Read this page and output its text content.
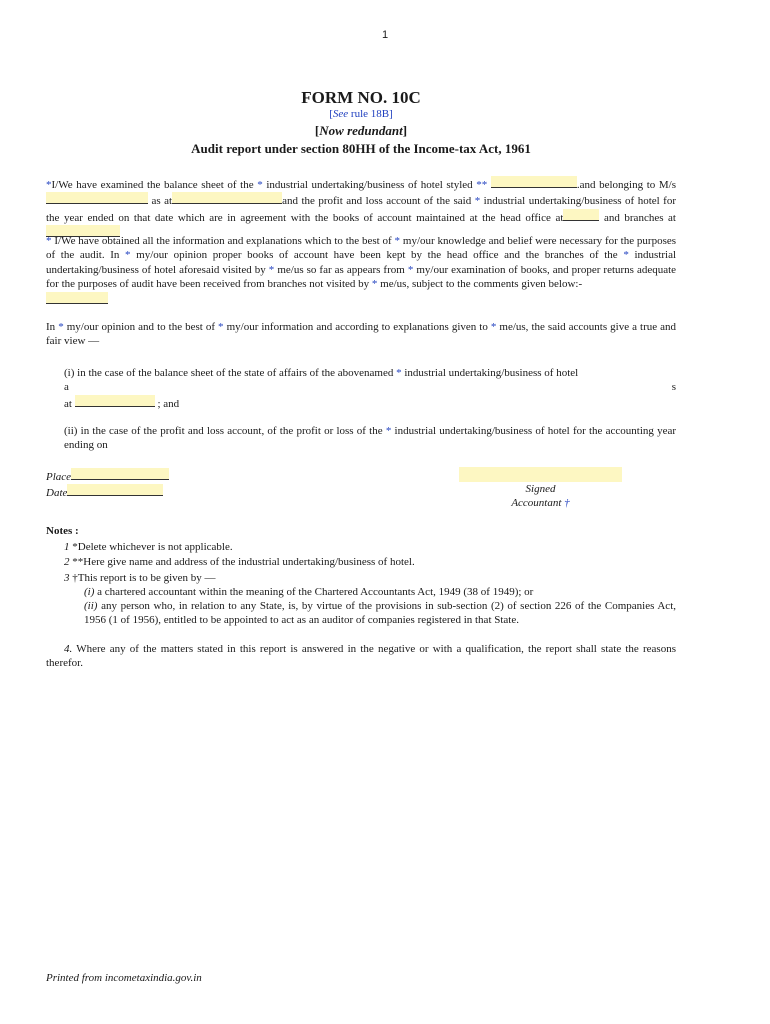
1
FORM NO. 10C
[See rule 18B]
[Now redundant]
Audit report under section 80HH of the Income-tax Act, 1961
*I/We have examined the balance sheet of the * industrial undertaking/business of hotel styled **	.and belonging to M/s as at	and the profit and loss account of the said * industrial undertaking/business of hotel for the year ended on that date which are in agreement with the books of account maintained at the head office at	and branches at
* I/We have obtained all the information and explanations which to the best of * my/our knowledge and belief were necessary for the purposes of the audit. In * my/our opinion proper books of account have been kept by the head office and the branches of the * industrial undertaking/business of hotel aforesaid visited by * me/us so far as appears from * my/our examination of books, and proper returns adequate for the purposes of audit have been received from branches not visited by * me/us, subject to the comments given below:-

In * my/our opinion and to the best of * my/our information and according to explanations given to * me/us, the said accounts give a true and fair view —
(i) in the case of the balance sheet of the state of affairs of the abovenamed * industrial undertaking/business of hotel
a	s
at	; and
(ii) in the case of the profit and loss account, of the profit or loss of the * industrial undertaking/business of hotel for the accounting year ending on
Place
Date	Signed
Accountant †
Notes :
1 *Delete whichever is not applicable.
2 **Here give name and address of the industrial undertaking/business of hotel.
3 †This report is to be given by —
(i) a chartered accountant within the meaning of the Chartered Accountants Act, 1949 (38 of 1949); or
(ii) any person who, in relation to any State, is, by virtue of the provisions in sub-section (2) of section 226 of the Companies Act, 1956 (1 of 1956), entitled to be appointed to act as an auditor of companies registered in that State.
4. Where any of the matters stated in this report is answered in the negative or with a qualification, the report shall state the reasons therefor.
Printed from incometaxindia.gov.in
